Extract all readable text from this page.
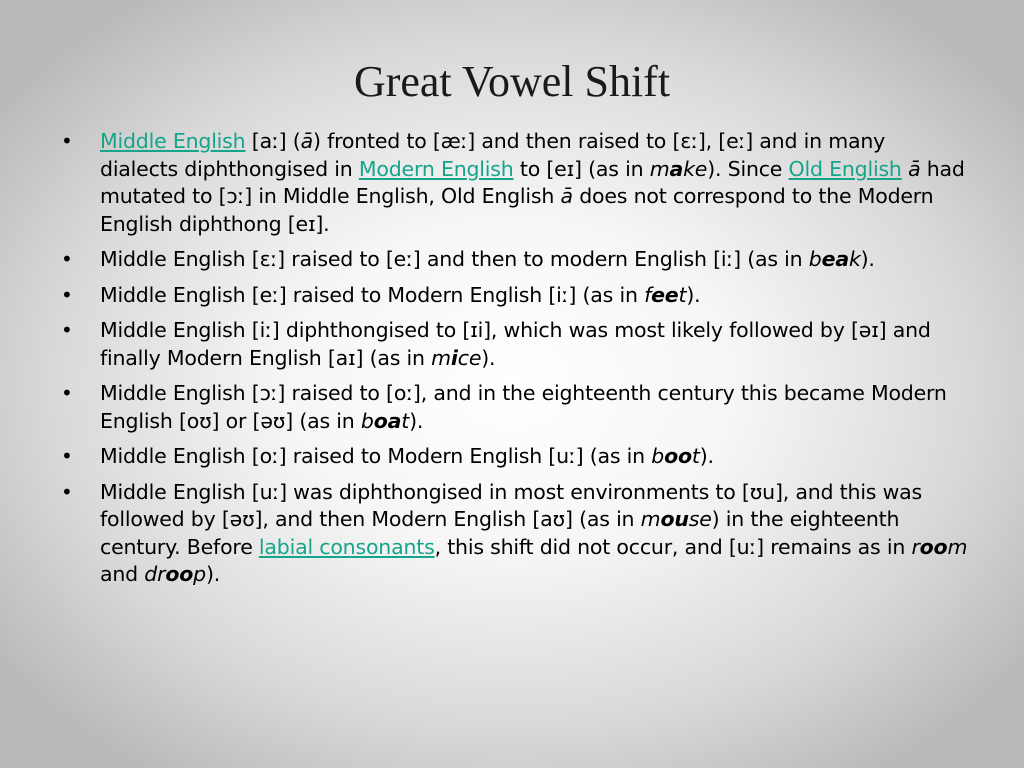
Great Vowel Shift
• Middle English [aː] (ā) fronted to [æː] and then raised to [ɛː], [eː] and in many dialects diphthongised in Modern English to [eɪ] (as in make). Since Old English ā had mutated to [ɔː] in Middle English, Old English ā does not correspond to the Modern English diphthong [eɪ].
• Middle English [ɛː] raised to [eː] and then to modern English [iː] (as in beak).
• Middle English [eː] raised to Modern English [iː] (as in feet).
• Middle English [iː] diphthongised to [ɪi], which was most likely followed by [əɪ] and finally Modern English [aɪ] (as in mice).
• Middle English [ɔː] raised to [oː], and in the eighteenth century this became Modern English [oʊ] or [əʊ] (as in boat).
• Middle English [oː] raised to Modern English [uː] (as in boot).
• Middle English [uː] was diphthongised in most environments to [ʊu], and this was followed by [əʊ], and then Modern English [aʊ] (as in mouse) in the eighteenth century. Before labial consonants, this shift did not occur, and [uː] remains as in room and droop).
